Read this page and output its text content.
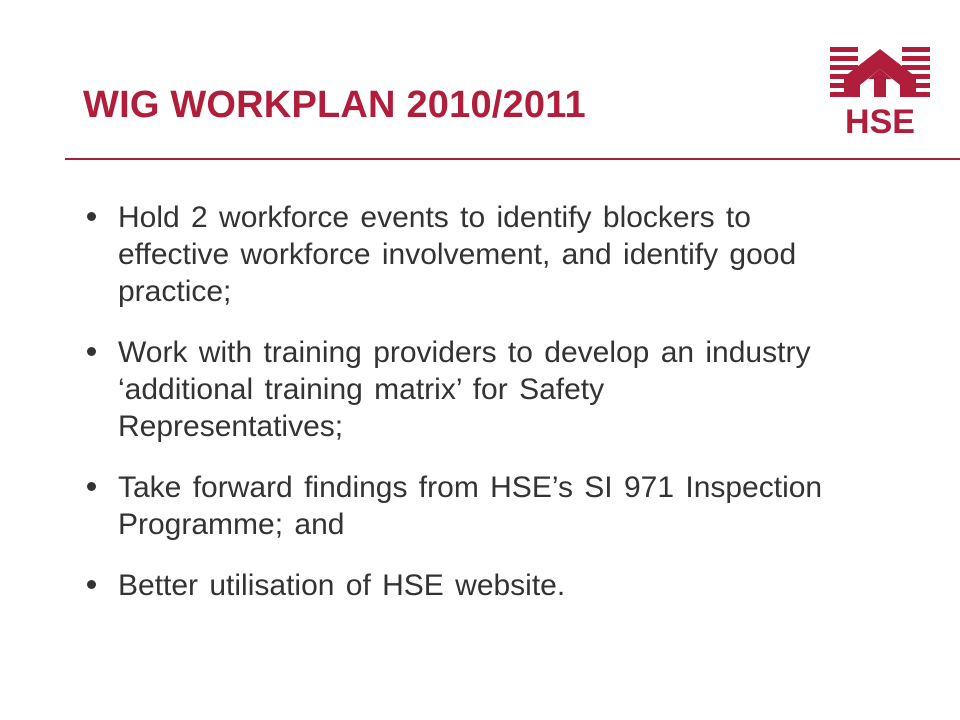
WIG WORKPLAN 2010/2011	HSE
Hold 2 workforce events to identify blockers to effective workforce involvement, and identify good practice;
Work with training providers to develop an industry ‘additional training matrix’ for Safety Representatives;
Take forward findings from HSE’s SI 971 Inspection Programme; and
Better utilisation of HSE website.
